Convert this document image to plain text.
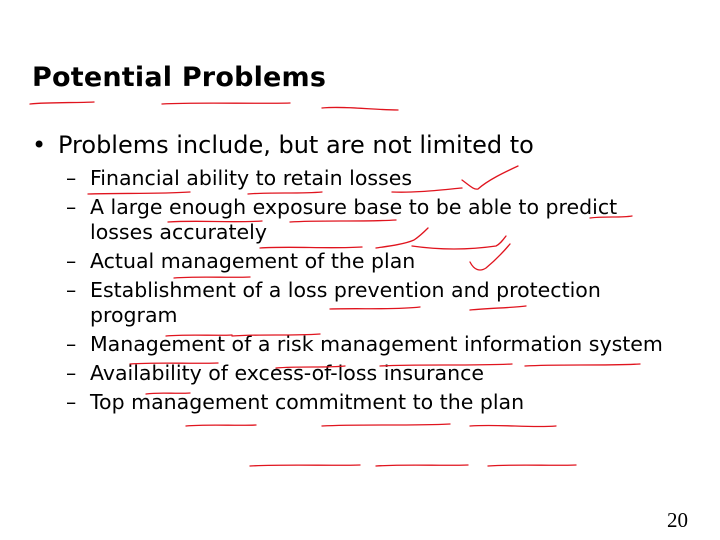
Potential Problems
• Problems include, but are not limited to
– Financial ability to retain losses
– A large enough exposure base to be able to predict losses accurately
– Actual management of the plan
– Establishment of a loss prevention and protection program
– Management of a risk management information system
– Availability of excess-of-loss insurance
– Top management commitment to the plan
20
